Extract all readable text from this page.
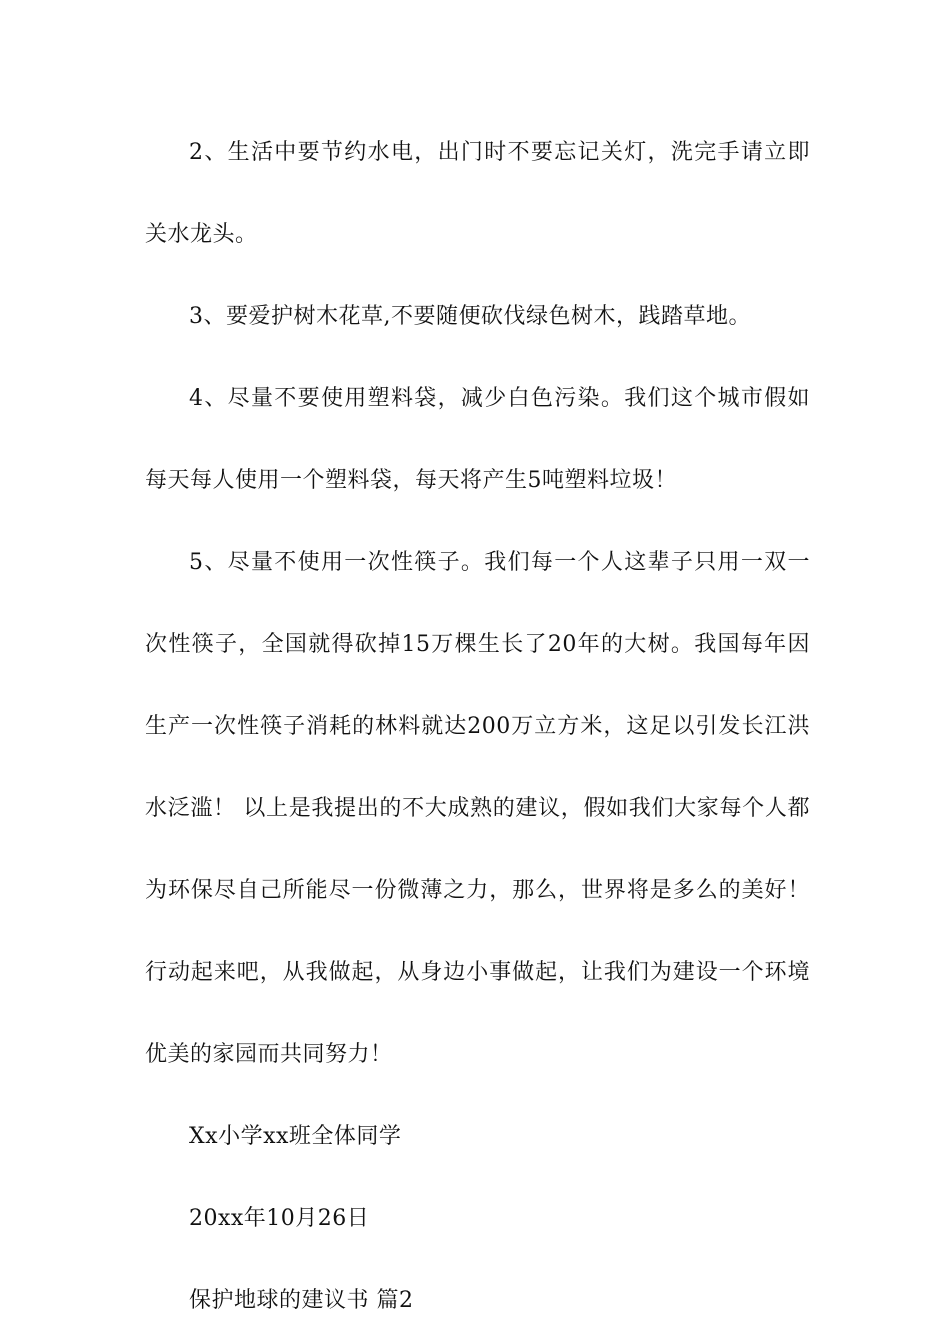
2、生活中要节约水电，出门时不要忘记关灯，洗完手请立即关水龙头。

3、要爱护树木花草,不要随便砍伐绿色树木，践踏草地。

4、尽量不要使用塑料袋，减少白色污染。我们这个城市假如每天每人使用一个塑料袋，每天将产生5吨塑料垃圾！

5、尽量不使用一次性筷子。我们每一个人这辈子只用一双一次性筷子，全国就得砍掉15万棵生长了20年的大树。我国每年因生产一次性筷子消耗的林料就达200万立方米，这足以引发长江洪水泛滥！ 以上是我提出的不大成熟的建议，假如我们大家每个人都为环保尽自己所能尽一份微薄之力，那么，世界将是多么的美好！行动起来吧，从我做起，从身边小事做起，让我们为建设一个环境优美的家园而共同努力！

Xx小学xx班全体同学

20xx年10月26日

保护地球的建议书 篇2
